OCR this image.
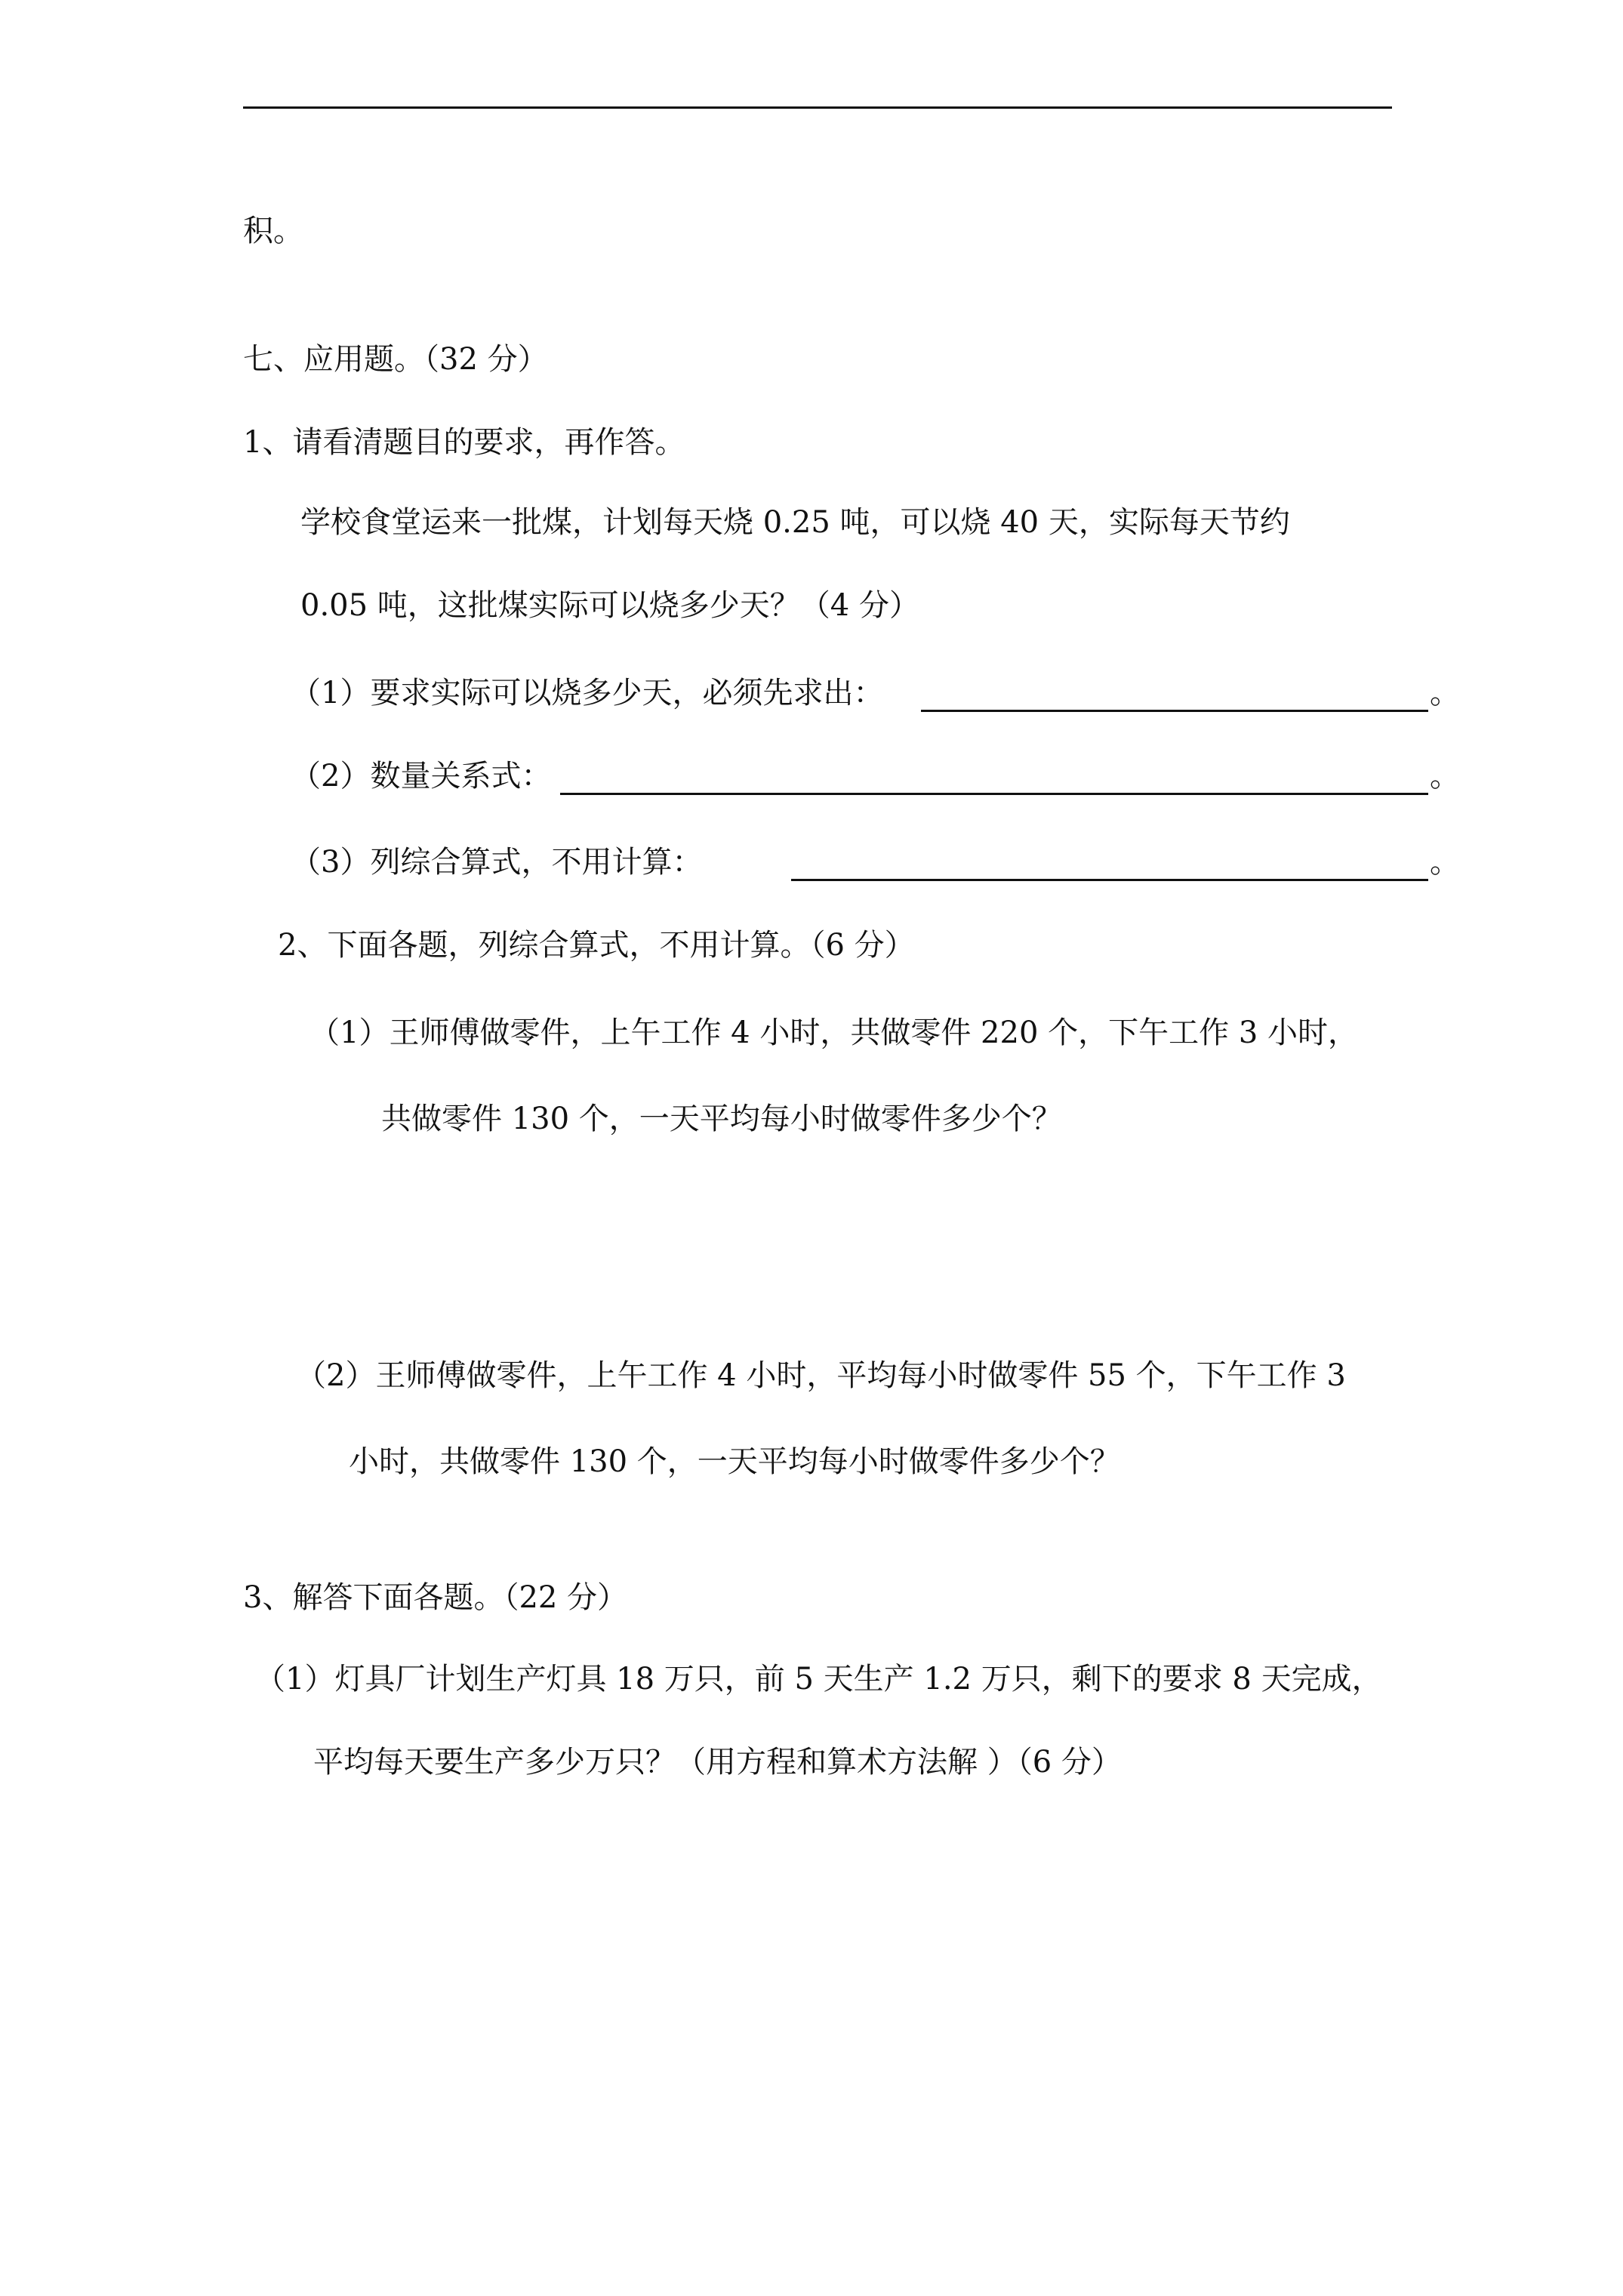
积。
七、应用题。（32 分）
1、请看清题目的要求，再作答。
学校食堂运来一批煤，计划每天烧 0.25 吨，可以烧 40 天，实际每天节约
0.05 吨，这批煤实际可以烧多少天？（4 分）
（1）要求实际可以烧多少天，必须先求出：	。
（2）数量关系式：	。
（3）列综合算式，不用计算：	。
2、下面各题，列综合算式，不用计算。（6 分）
（1）王师傅做零件，上午工作 4 小时，共做零件 220 个，下午工作 3 小时，
共做零件 130 个，一天平均每小时做零件多少个？
（2）王师傅做零件，上午工作 4 小时，平均每小时做零件 55 个，下午工作 3
小时，共做零件 130 个，一天平均每小时做零件多少个？
3、解答下面各题。（22 分）
（1）灯具厂计划生产灯具 18 万只，前 5 天生产 1.2 万只，剩下的要求 8 天完成，
平均每天要生产多少万只？（用方程和算术方法解 ）（6 分）
